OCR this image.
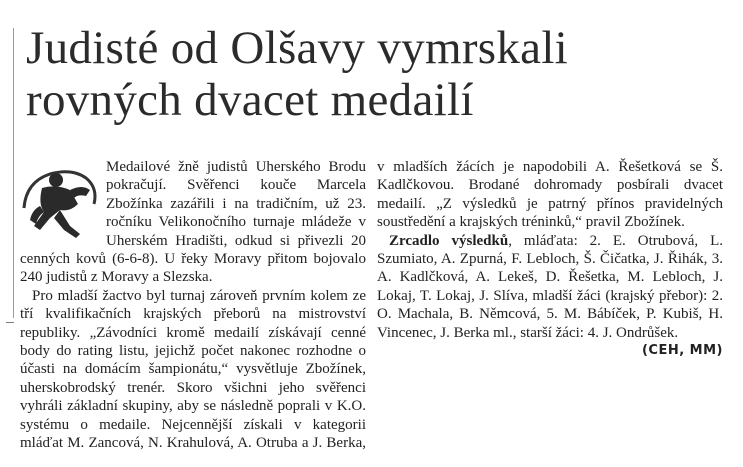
Judisté od Olšavy vymrskali
rovných dvacet medailí

Medailové žně judistů Uherského Brodu pokračují. Svěřenci kouče Marcela Zbožínka zazářili i na tradičním, už 23. ročníku Velikonočního turnaje mládeže v Uherském Hradišti, odkud si přivezli 20 cenných kovů (6-6-8). U řeky Moravy přitom bojovalo 240 judistů z Moravy a Slezska.

Pro mladší žactvo byl turnaj zároveň prvním kolem ze tří kvalifikačních krajských přeborů na mistrovství republiky. „Závodníci kromě medailí získávají cenné body do rating listu, jejichž počet nakonec rozhodne o účasti na domácím šampionátu,“ vysvětluje Zbožínek, uherskobrodský trenér. Skoro všichni jeho svěřenci vyhráli základní skupiny, aby se následně poprali v K.O. systému o medaile. Nejcennější získali v kategorii mláďat M. Zancová, N. Krahulová, A. Otruba a J. Berka, v mladších žácích je napodobili A. Řešetková se Š. Kadlčkovou. Brodané dohromady posbírali dvacet medailí. „Z výsledků je patrný přínos pravidelných soustředění a krajských tréninků,“ pravil Zbožínek.
Zrcadlo výsledků, mláďata: 2. E. Otrubová, L. Szumiato, A. Zpurná, F. Lebloch, Š. Čičatka, J. Řihák, 3. A. Kadlčková, A. Lekeš, D. Řešetka, M. Lebloch, J. Lokaj, T. Lokaj, J. Slíva, mladší žáci (krajský přebor): 2. O. Machala, B. Němcová, 5. M. Bábíček, P. Kubiš, H. Vincenec, J. Berka ml., starší žáci: 4. J. Ondrůšek.
(CEH, MM)
